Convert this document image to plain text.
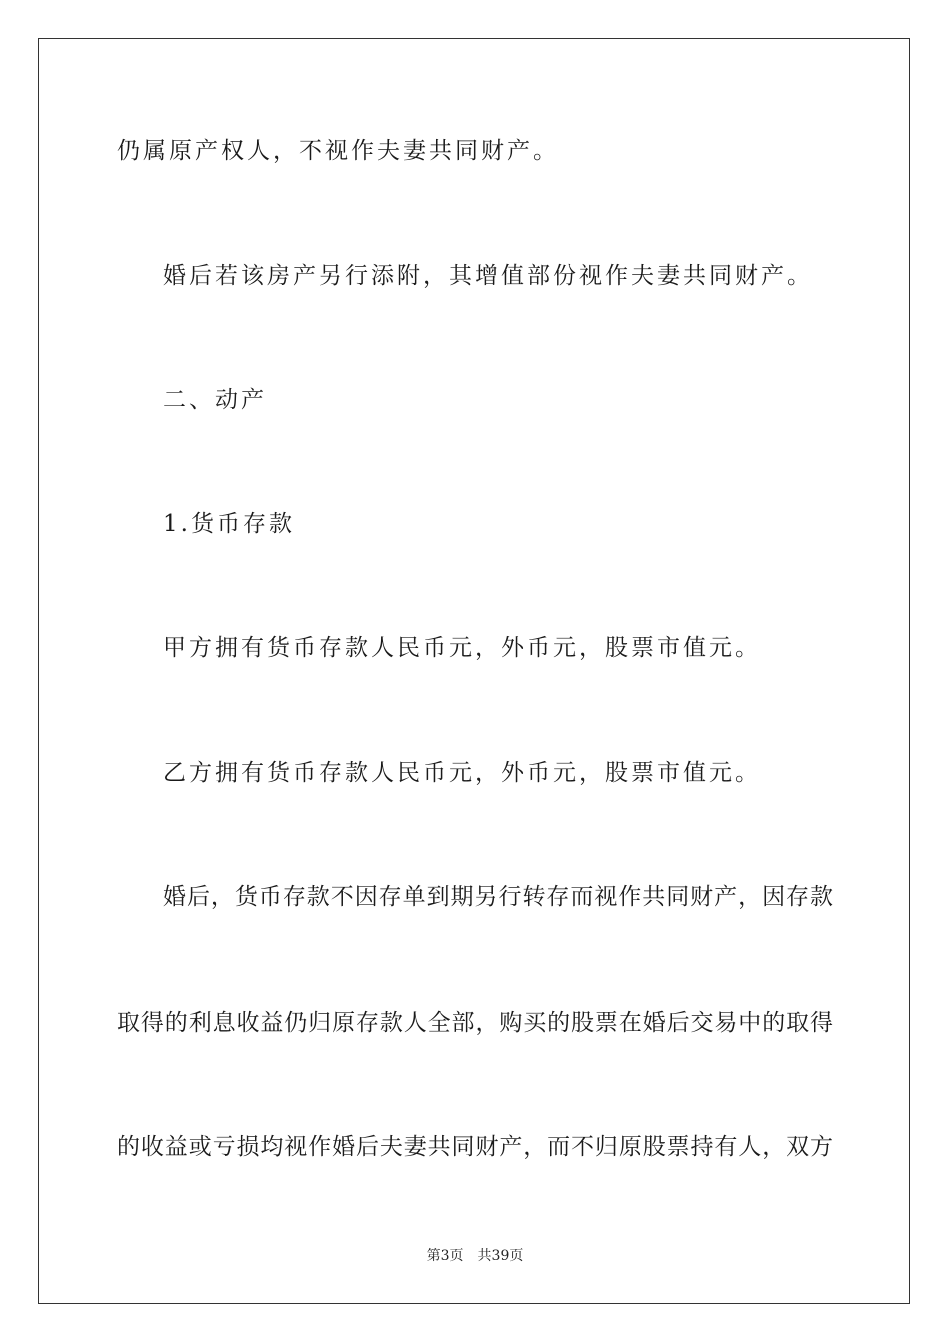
仍属原产权人，不视作夫妻共同财产。
婚后若该房产另行添附，其增值部份视作夫妻共同财产。
二、动产
1.货币存款
甲方拥有货币存款人民币元，外币元，股票市值元。
乙方拥有货币存款人民币元，外币元，股票市值元。
婚后，货币存款不因存单到期另行转存而视作共同财产，因存款
取得的利息收益仍归原存款人全部，购买的股票在婚后交易中的取得
的收益或亏损均视作婚后夫妻共同财产，而不归原股票持有人，双方
第3页 共39页
